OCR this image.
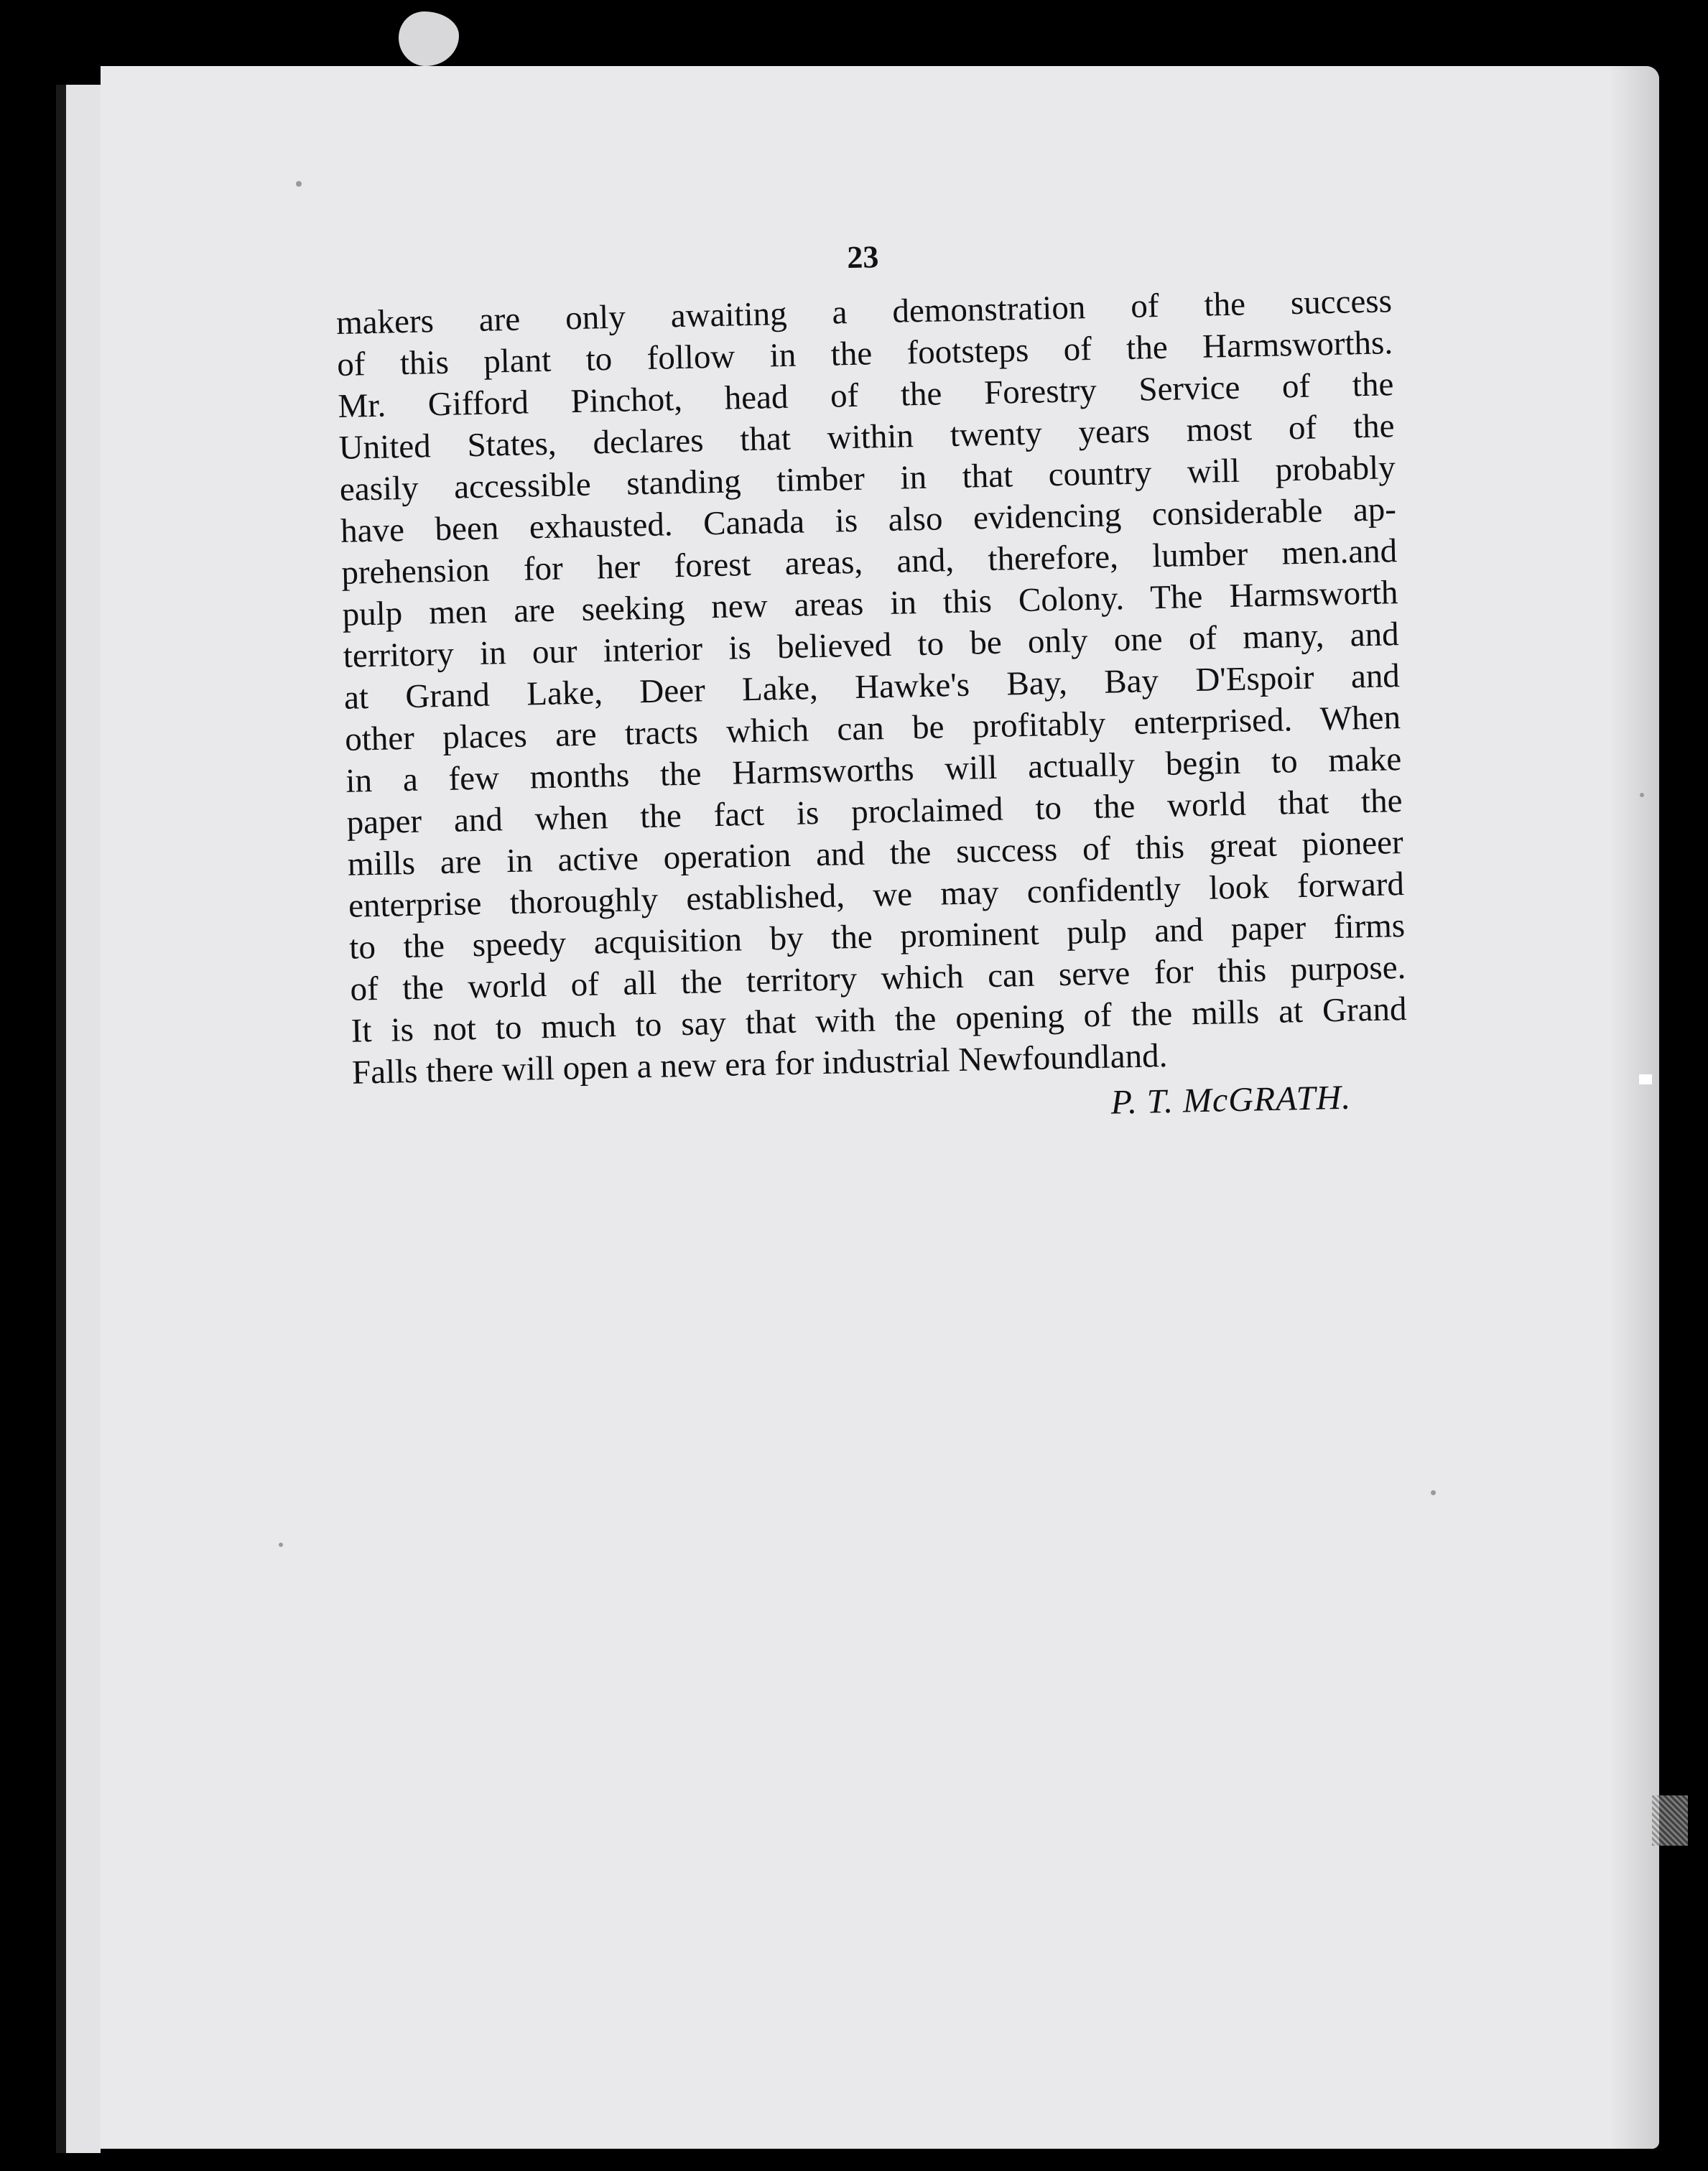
23
makers are only awaiting a demonstration of the success
of this plant to follow in the footsteps of the Harmsworths.
Mr. Gifford Pinchot, head of the Forestry Service of the
United States, declares that within twenty years most of the
easily accessible standing timber in that country will probably
have been exhausted. Canada is also evidencing considerable ap-
prehension for her forest areas, and, therefore, lumber men.and
pulp men are seeking new areas in this Colony. The Harmsworth
territory in our interior is believed to be only one of many, and
at Grand Lake, Deer Lake, Hawke's Bay, Bay D'Espoir and
other places are tracts which can be profitably enterprised. When
in a few months the Harmsworths will actually begin to make
paper and when the fact is proclaimed to the world that the
mills are in active operation and the success of this great pioneer
enterprise thoroughly established, we may confidently look forward
to the speedy acquisition by the prominent pulp and paper firms
of the world of all the territory which can serve for this purpose.
It is not to much to say that with the opening of the mills at Grand
Falls there will open a new era for industrial Newfoundland.
P. T. McGRATH.
